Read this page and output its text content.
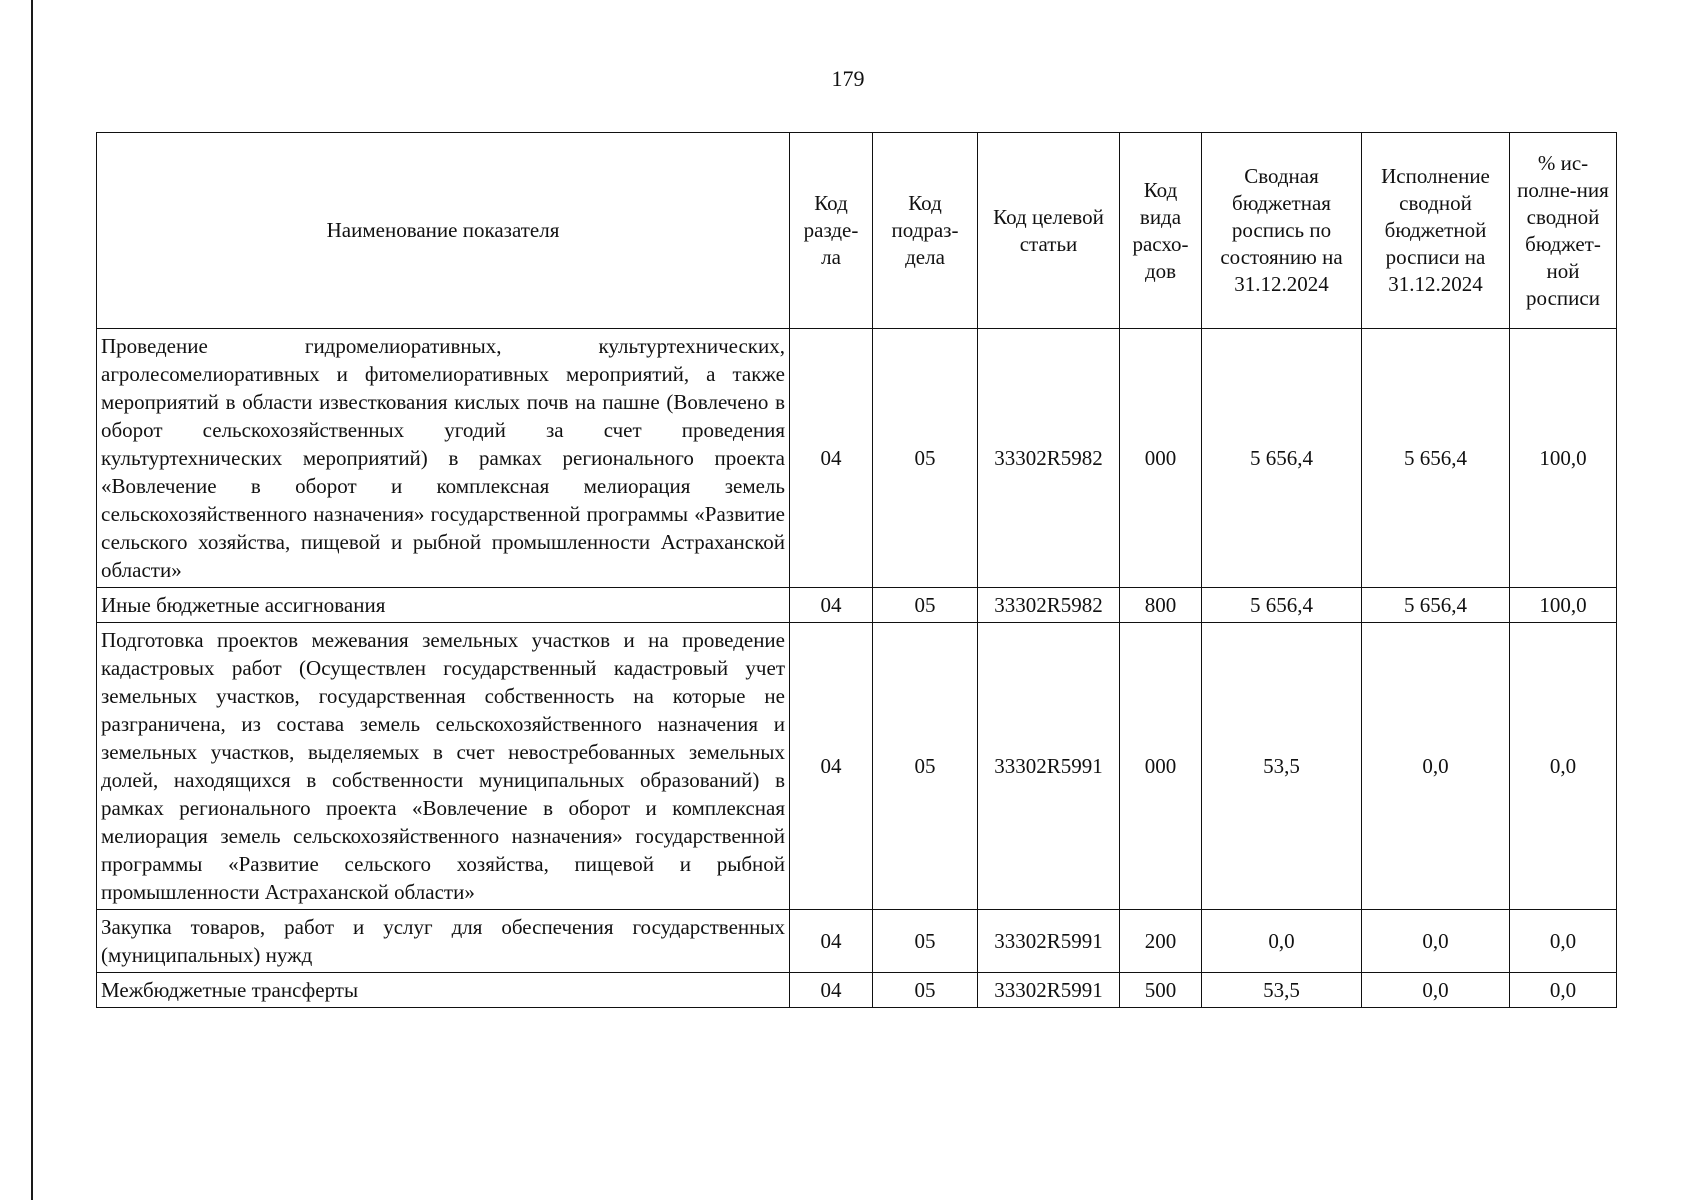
179
Наименование показателя	Код разде-ла	Код подраз-дела	Код целевой статьи	Код вида расхо-дов	Сводная бюджетная роспись по состоянию на 31.12.2024	Исполнение сводной бюджетной росписи на 31.12.2024	% ис-полне-ния сводной бюджет-ной росписи
Проведение гидромелиоративных, культуртехнических, агролесомелиоративных и фитомелиоративных мероприятий, а также мероприятий в области известкования кислых почв на пашне (Вовлечено в оборот сельскохозяйственных угодий за счет проведения культуртехнических мероприятий) в рамках регионального проекта «Вовлечение в оборот и комплексная мелиорация земель сельскохозяйственного назначения» государственной программы «Развитие сельского хозяйства, пищевой и рыбной промышленности Астраханской области»	04	05	33302R5982	000	5 656,4	5 656,4	100,0
Иные бюджетные ассигнования	04	05	33302R5982	800	5 656,4	5 656,4	100,0
Подготовка проектов межевания земельных участков и на проведение кадастровых работ (Осуществлен государственный кадастровый учет земельных участков, государственная собственность на которые не разграничена, из состава земель сельскохозяйственного назначения и земельных участков, выделяемых в счет невостребованных земельных долей, находящихся в собственности муниципальных образований) в рамках регионального проекта «Вовлечение в оборот и комплексная мелиорация земель сельскохозяйственного назначения» государственной программы «Развитие сельского хозяйства, пищевой и рыбной промышленности Астраханской области»	04	05	33302R5991	000	53,5	0,0	0,0
Закупка товаров, работ и услуг для обеспечения государственных (муниципальных) нужд	04	05	33302R5991	200	0,0	0,0	0,0
Межбюджетные трансферты	04	05	33302R5991	500	53,5	0,0	0,0
